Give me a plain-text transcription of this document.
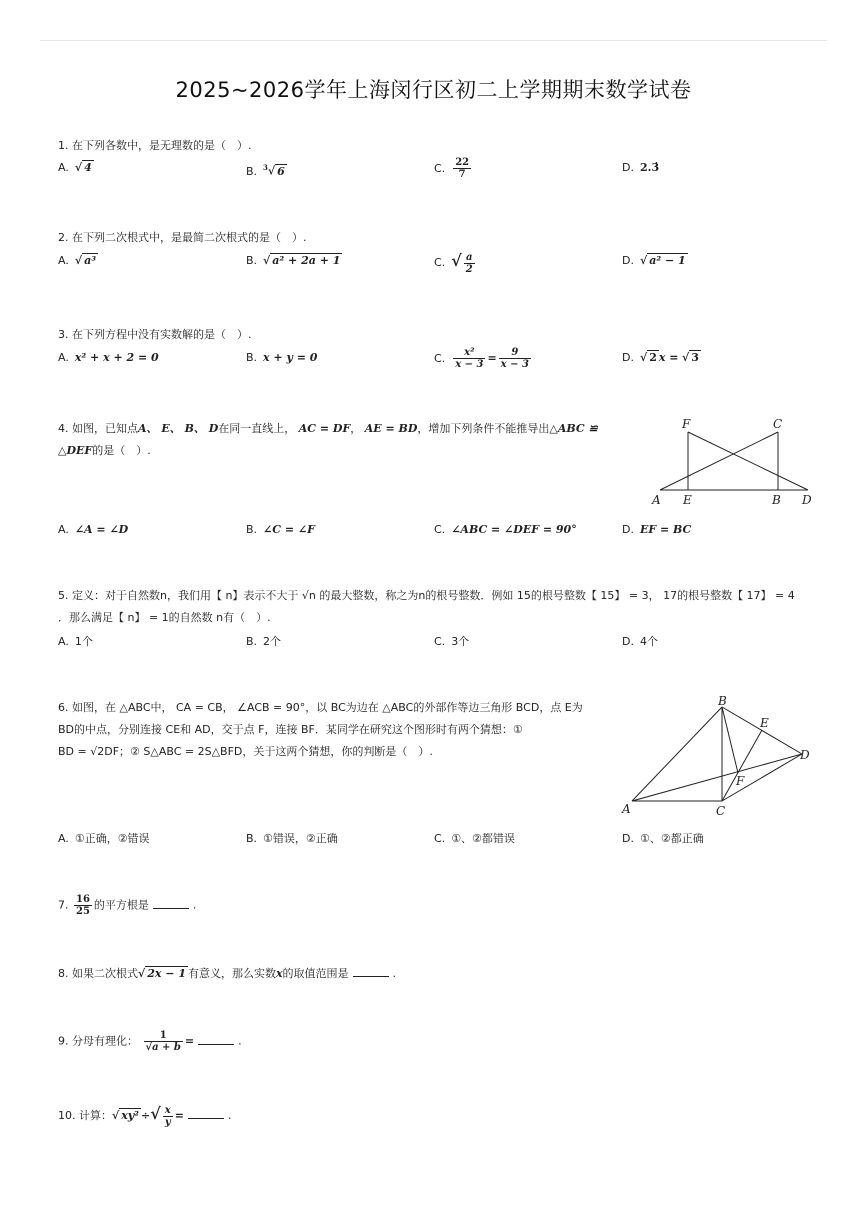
2025~2026学年上海闵行区初二上学期期末数学试卷
1. 在下列各数中，是无理数的是（　）.
A. √ 4	B. $^3$√ 6	C. $\frac{22}{7}$	D. 2.3̇
2. 在下列二次根式中，是最简二次根式的是（　）.
A. √ a³	B. √ a² + 2a + 1	C. √ $\frac{a}{2}$	D. √ a² − 1
3. 在下列方程中没有实数解的是（　）.
A. x² + x + 2 = 0	B. x + y = 0	C. $\frac{\text{x²}}{x - 3} = \frac{9}{x - 3}$	D. √ 2 x = √ 3
4. 如图，已知点A、 E、 B、 D在同一直线上， AC = DF， AE = BD，增加下列条件不能推导出△ABC ≌
△DEF的是（　）.
F	C
A E	B D
A. ∠A = ∠D	B. ∠C = ∠F	C. ∠ABC = ∠DEF = 90°	D. EF = BC
5. 定义：对于自然数n，我们用【 n】表示不大于 √n 的最大整数，称之为n的根号整数．例如 15的根号整数【 15】 = 3， 17的根号整数【 17】 = 4
．那么满足【 n】 = 1的自然数 n有（　）.
A. 1个	B. 2个	C. 3个	D. 4个
6. 如图，在 △ABC中， CA = CB， ∠ACB = 90°，以 BC为边在 △ABC的外部作等边三角形 BCD，点 E为
BD的中点，分别连接 CE和 AD，交于点 F，连接 BF．某同学在研究这个图形时有两个猜想：①
BD = √2DF；② S△ABC = 2S△BFD，关于这两个猜想，你的判断是（　）.
B
E
D
F
A	C
A. ①正确，②错误	B. ①错误，②正确	C. ①、②都错误	D. ①、②都正确
7. $\frac{16}{25}$ 的平方根是	.
8. 如果二次根式√ 2x − 1 有意义，那么实数x的取值范围是	.
9. 分母有理化： $\frac{1}{√a + b}$ =	.
10. 计算：√ xy² ÷√ $\frac{x}{y}$ =	.
